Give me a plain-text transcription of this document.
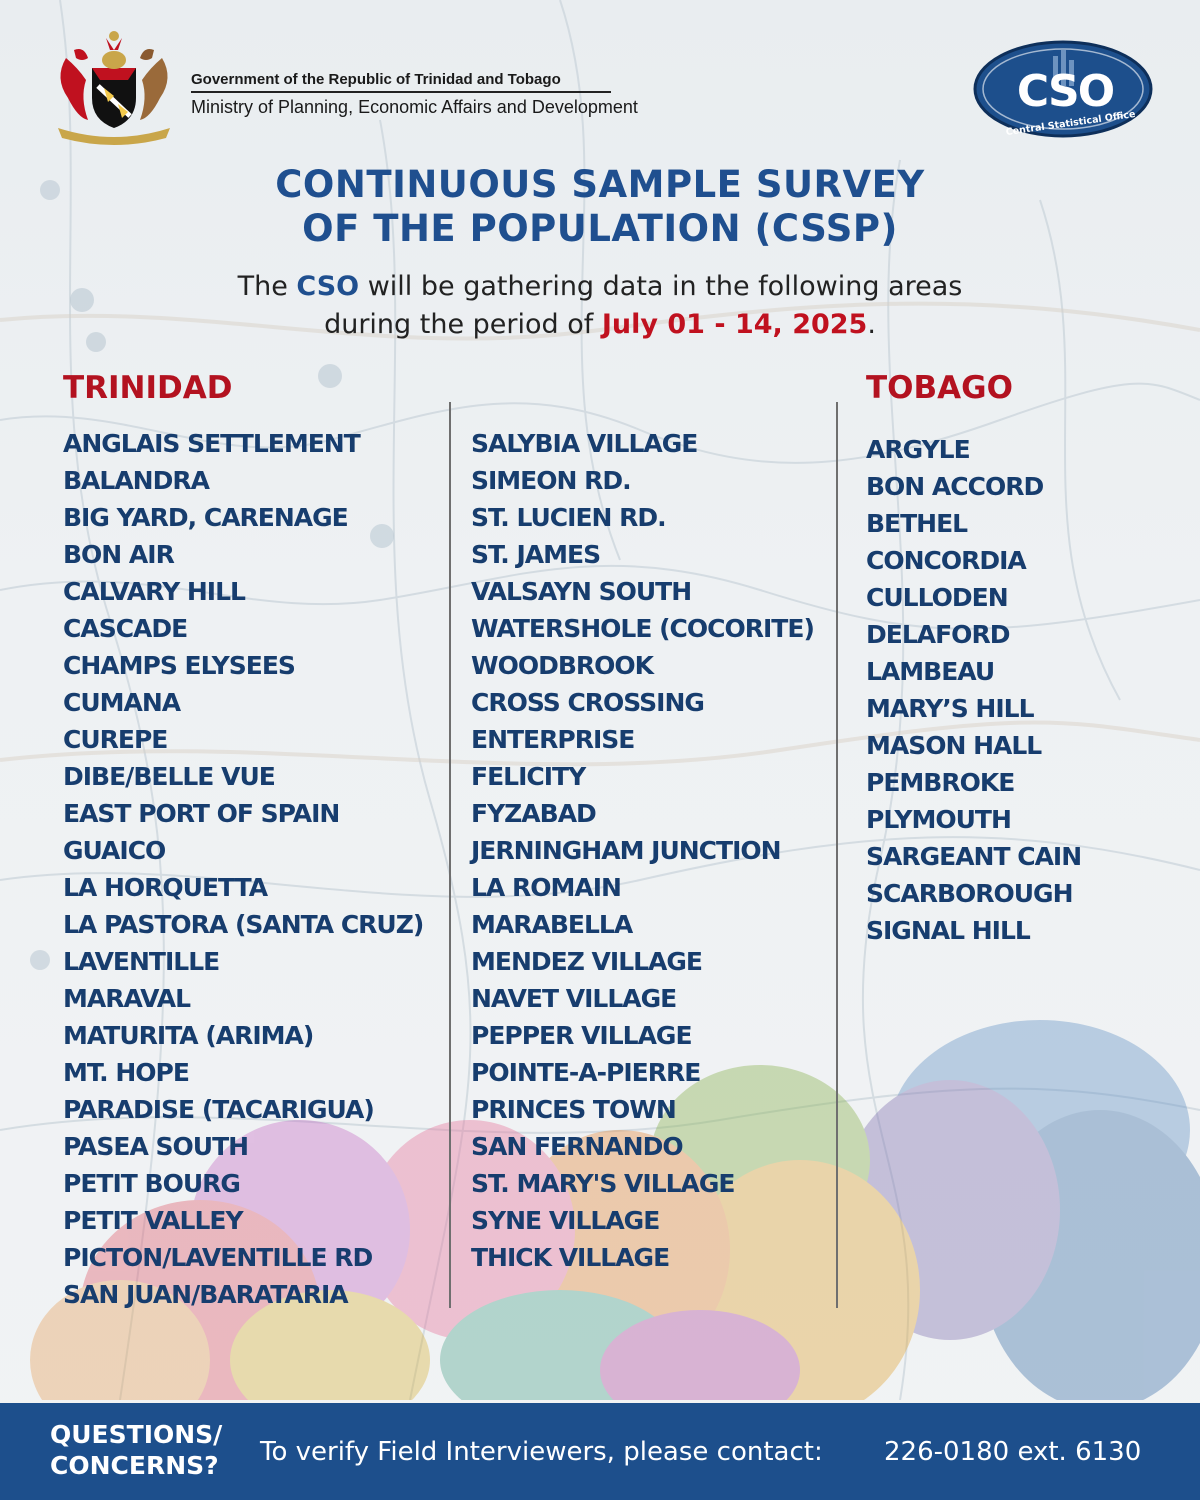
Government of the Republic of Trinidad and Tobago
Ministry of Planning, Economic Affairs and Development	CSO
Central Statistical Office
CONTINUOUS SAMPLE SURVEY
OF THE POPULATION (CSSP)
The CSO will be gathering data in the following areas
during the period of July 01 - 14, 2025.
TRINIDAD	TOBAGO
ANGLAIS SETTLEMENT
BALANDRA
BIG YARD, CARENAGE
BON AIR
CALVARY HILL
CASCADE
CHAMPS ELYSEES
CUMANA
CUREPE
DIBE/BELLE VUE
EAST PORT OF SPAIN
GUAICO
LA HORQUETTA
LA PASTORA (SANTA CRUZ)
LAVENTILLE
MARAVAL
MATURITA (ARIMA)
MT. HOPE
PARADISE (TACARIGUA)
PASEA SOUTH
PETIT BOURG
PETIT VALLEY
PICTON/LAVENTILLE RD
SAN JUAN/BARATARIA
SALYBIA VILLAGE
SIMEON RD.
ST. LUCIEN RD.
ST. JAMES
VALSAYN SOUTH
WATERSHOLE (COCORITE)
WOODBROOK
CROSS CROSSING
ENTERPRISE
FELICITY
FYZABAD
JERNINGHAM JUNCTION
LA ROMAIN
MARABELLA
MENDEZ VILLAGE
NAVET VILLAGE
PEPPER VILLAGE
POINTE-A-PIERRE
PRINCES TOWN
SAN FERNANDO
ST. MARY'S VILLAGE
SYNE VILLAGE
THICK VILLAGE
ARGYLE
BON ACCORD
BETHEL
CONCORDIA
CULLODEN
DELAFORD
LAMBEAU
MARY’S HILL
MASON HALL
PEMBROKE
PLYMOUTH
SARGEANT CAIN
SCARBOROUGH
SIGNAL HILL
QUESTIONS/
CONCERNS?	To verify Field Interviewers, please contact: 226-0180 ext. 6130
